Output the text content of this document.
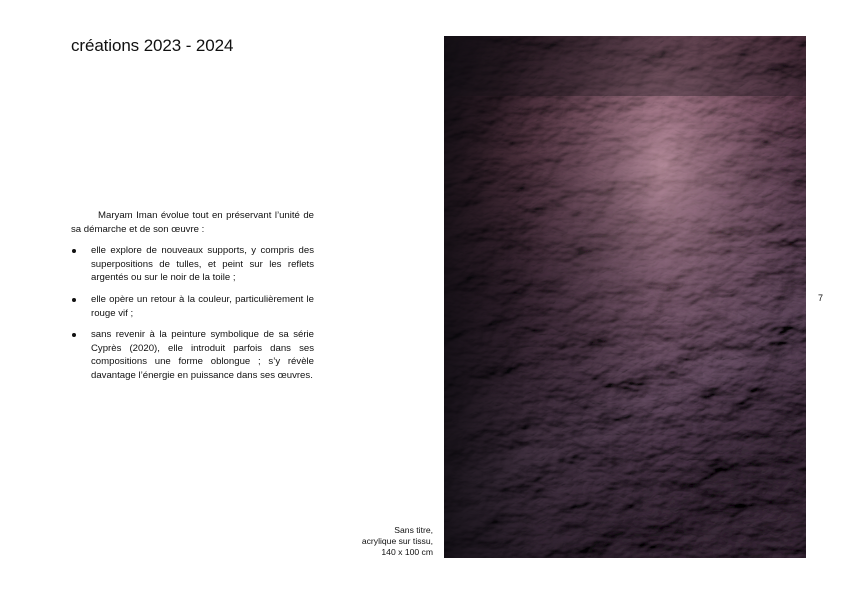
créations 2023 - 2024

Maryam Iman évolue tout en préservant l’unité de sa démarche et de son œuvre :

elle explore de nouveaux supports, y compris des superpositions de tulles, et peint sur les reflets argentés ou sur le noir de la toile ;
elle opère un retour à la couleur, particulièrement le rouge vif ;
sans revenir à la peinture symbolique de sa série Cyprès (2020), elle introduit parfois dans ses compositions une forme oblongue ; s’y révèle davantage l’énergie en puissance dans ses œuvres.
Sans titre,
acrylique sur tissu,
140 x 100 cm
7
